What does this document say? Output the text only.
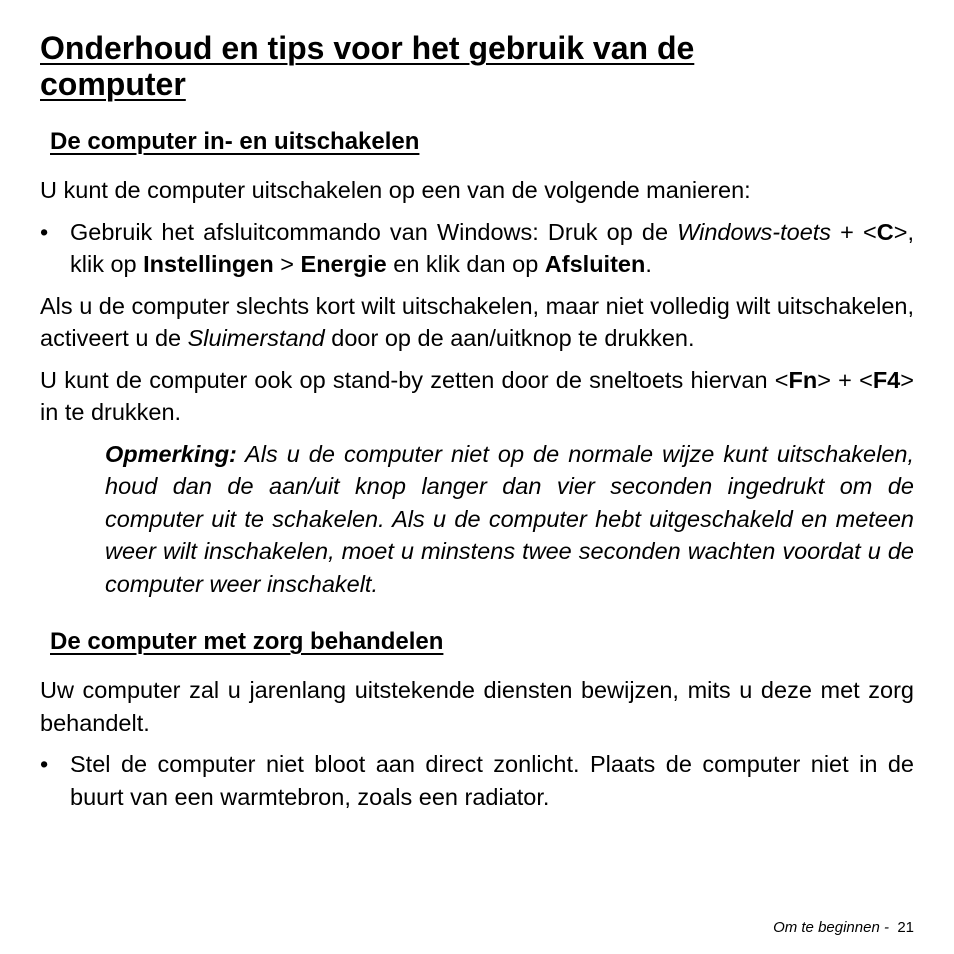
Onderhoud en tips voor het gebruik van de
computer
De computer in- en uitschakelen

U kunt de computer uitschakelen op een van de volgende manieren:

• Gebruik het afsluitcommando van Windows: Druk op de Windows-toets + <C>, klik op Instellingen > Energie en klik dan op Afsluiten.

Als u de computer slechts kort wilt uitschakelen, maar niet volledig wilt uitschakelen, activeert u de Sluimerstand door op de aan/uitknop te drukken.

U kunt de computer ook op stand-by zetten door de sneltoets hiervan <Fn> + <F4> in te drukken.

Opmerking: Als u de computer niet op de normale wijze kunt uitschakelen, houd dan de aan/uit knop langer dan vier seconden ingedrukt om de computer uit te schakelen. Als u de computer hebt uitgeschakeld en meteen weer wilt inschakelen, moet u minstens twee seconden wachten voordat u de computer weer inschakelt.
De computer met zorg behandelen

Uw computer zal u jarenlang uitstekende diensten bewijzen, mits u deze met zorg behandelt.

• Stel de computer niet bloot aan direct zonlicht. Plaats de computer niet in de buurt van een warmtebron, zoals een radiator.
Om te beginnen - 21
